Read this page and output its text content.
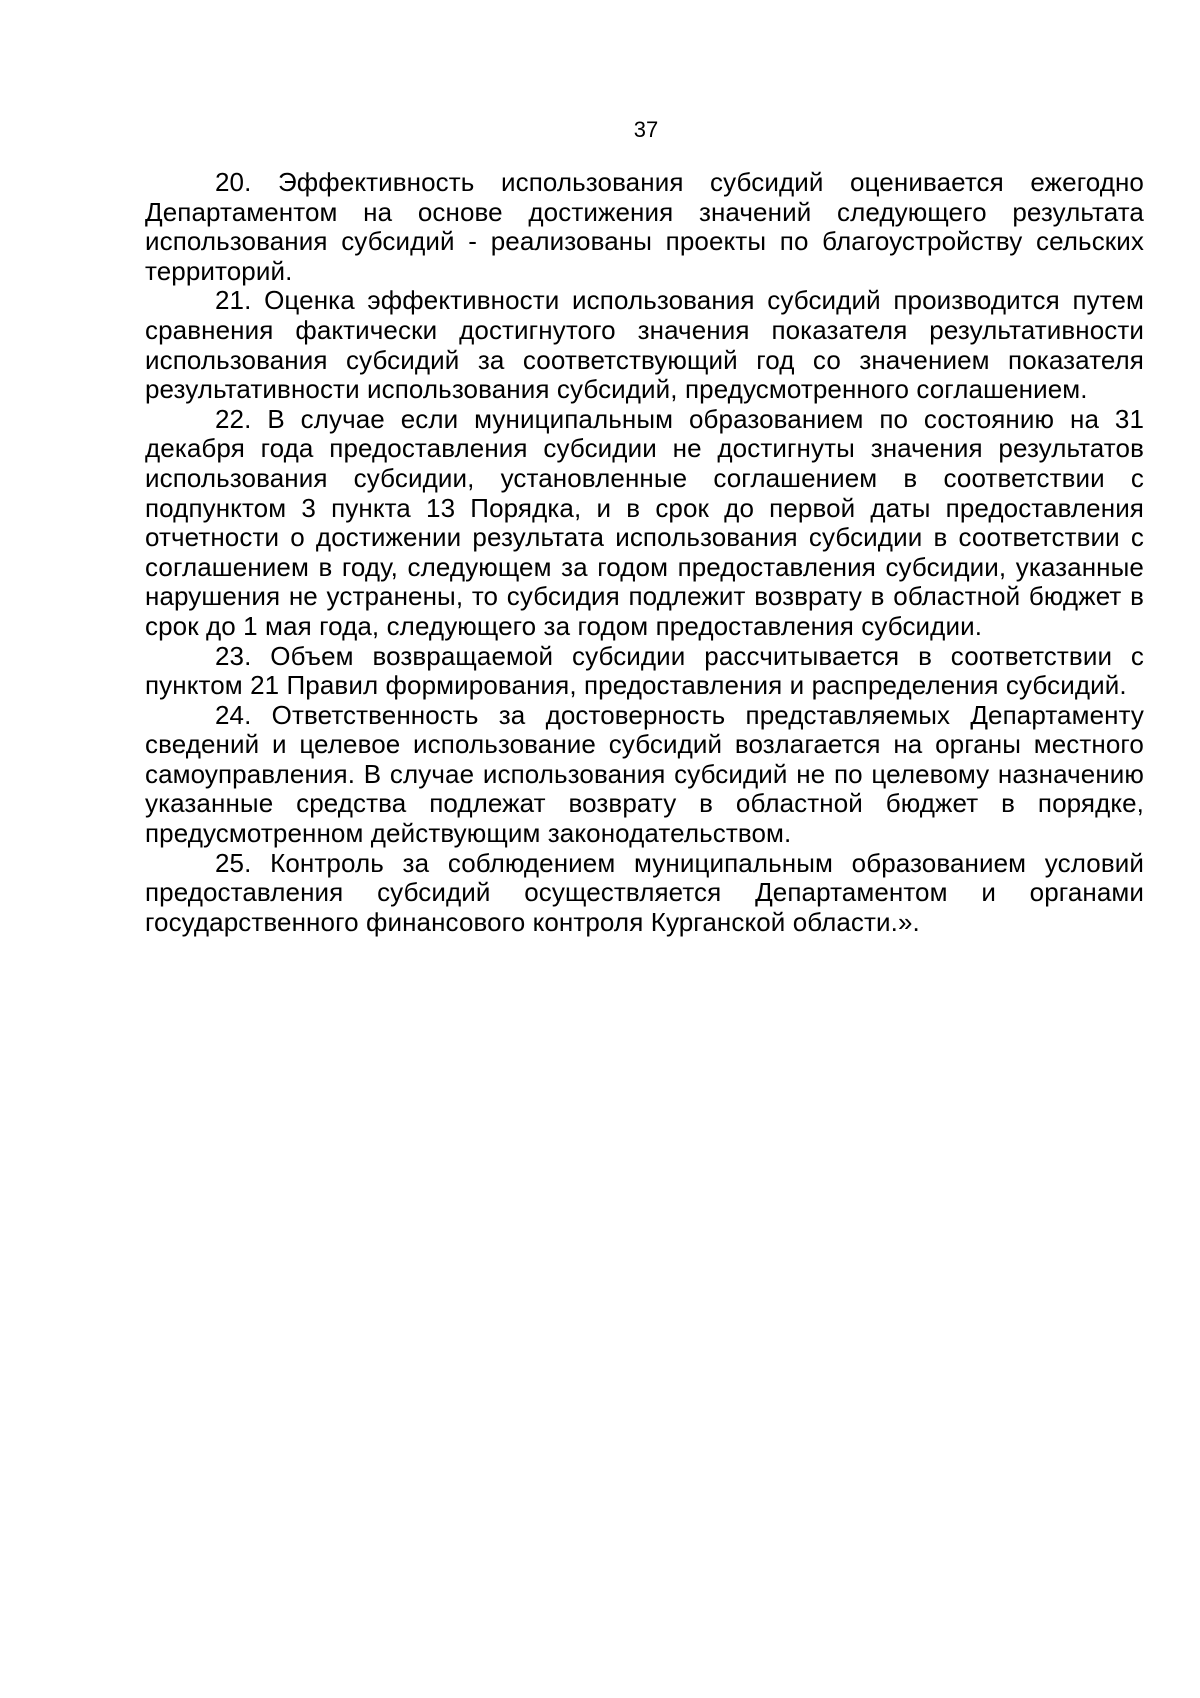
37

20. Эффективность использования субсидий оценивается ежегодно Департаментом на основе достижения значений следующего результата использования субсидий - реализованы проекты по благоустройству сельских территорий.

21. Оценка эффективности использования субсидий производится путем сравнения фактически достигнутого значения показателя результативности использования субсидий за соответствующий год со значением показателя результативности использования субсидий, предусмотренного соглашением.

22. В случае если муниципальным образованием по состоянию на 31 декабря года предоставления субсидии не достигнуты значения результатов использования субсидии, установленные соглашением в соответствии с подпунктом 3 пункта 13 Порядка, и в срок до первой даты предоставления отчетности о достижении результата использования субсидии в соответствии с соглашением в году, следующем за годом предоставления субсидии, указанные нарушения не устранены, то субсидия подлежит возврату в областной бюджет в срок до 1 мая года, следующего за годом предоставления субсидии.

23. Объем возвращаемой субсидии рассчитывается в соответствии с пунктом 21 Правил формирования, предоставления и распределения субсидий.

24. Ответственность за достоверность представляемых Департаменту сведений и целевое использование субсидий возлагается на органы местного самоуправления. В случае использования субсидий не по целевому назначению указанные средства подлежат возврату в областной бюджет в порядке, предусмотренном действующим законодательством.

25. Контроль за соблюдением муниципальным образованием условий предоставления субсидий осуществляется Департаментом и органами государственного финансового контроля Курганской области.».
